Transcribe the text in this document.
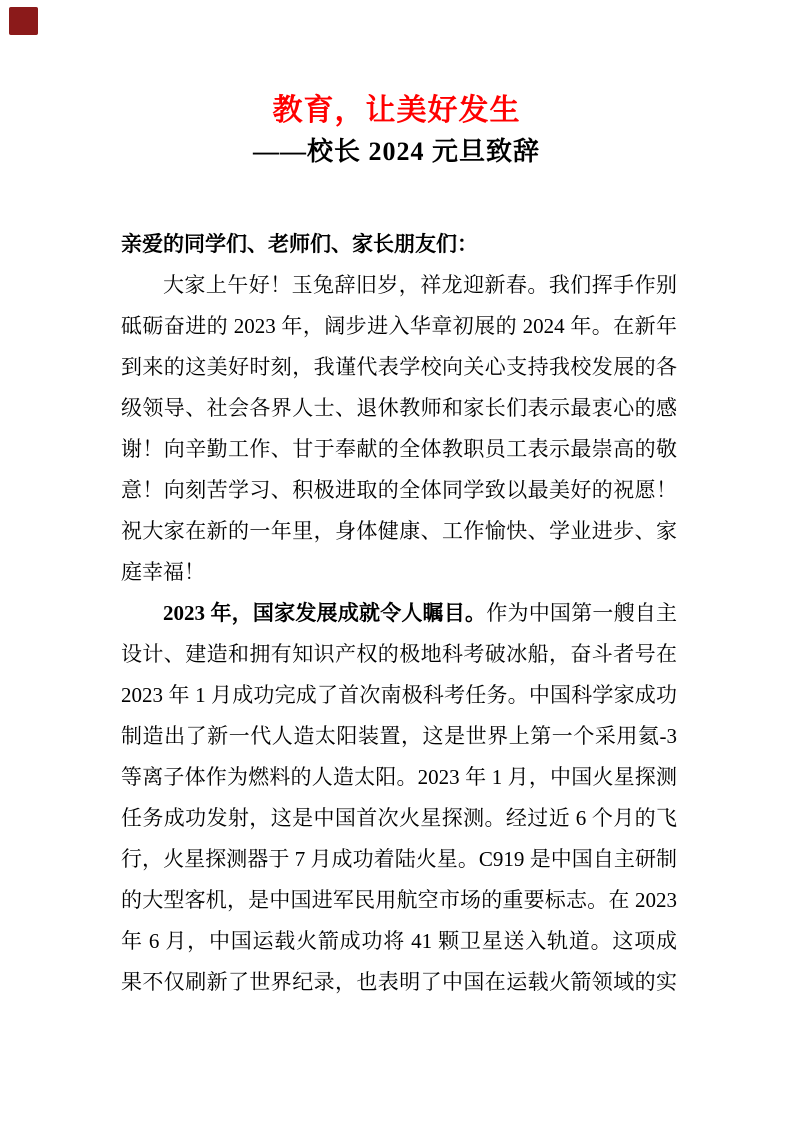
教育，让美好发生
——校长 2024 元旦致辞
亲爱的同学们、老师们、家长朋友们：
大家上午好！玉兔辞旧岁，祥龙迎新春。我们挥手作别
砥砺奋进的 2023 年，阔步进入华章初展的 2024 年。在新年
到来的这美好时刻，我谨代表学校向关心支持我校发展的各
级领导、社会各界人士、退休教师和家长们表示最衷心的感
谢！向辛勤工作、甘于奉献的全体教职员工表示最崇高的敬
意！向刻苦学习、积极进取的全体同学致以最美好的祝愿！
祝大家在新的一年里，身体健康、工作愉快、学业进步、家
庭幸福！
2023 年，国家发展成就令人瞩目。作为中国第一艘自主
设计、建造和拥有知识产权的极地科考破冰船，奋斗者号在
2023 年 1 月成功完成了首次南极科考任务。中国科学家成功
制造出了新一代人造太阳装置，这是世界上第一个采用氦-3
等离子体作为燃料的人造太阳。2023 年 1 月，中国火星探测
任务成功发射，这是中国首次火星探测。经过近 6 个月的飞
行，火星探测器于 7 月成功着陆火星。C919 是中国自主研制
的大型客机，是中国进军民用航空市场的重要标志。在 2023
年 6 月，中国运载火箭成功将 41 颗卫星送入轨道。这项成
果不仅刷新了世界纪录，也表明了中国在运载火箭领域的实
